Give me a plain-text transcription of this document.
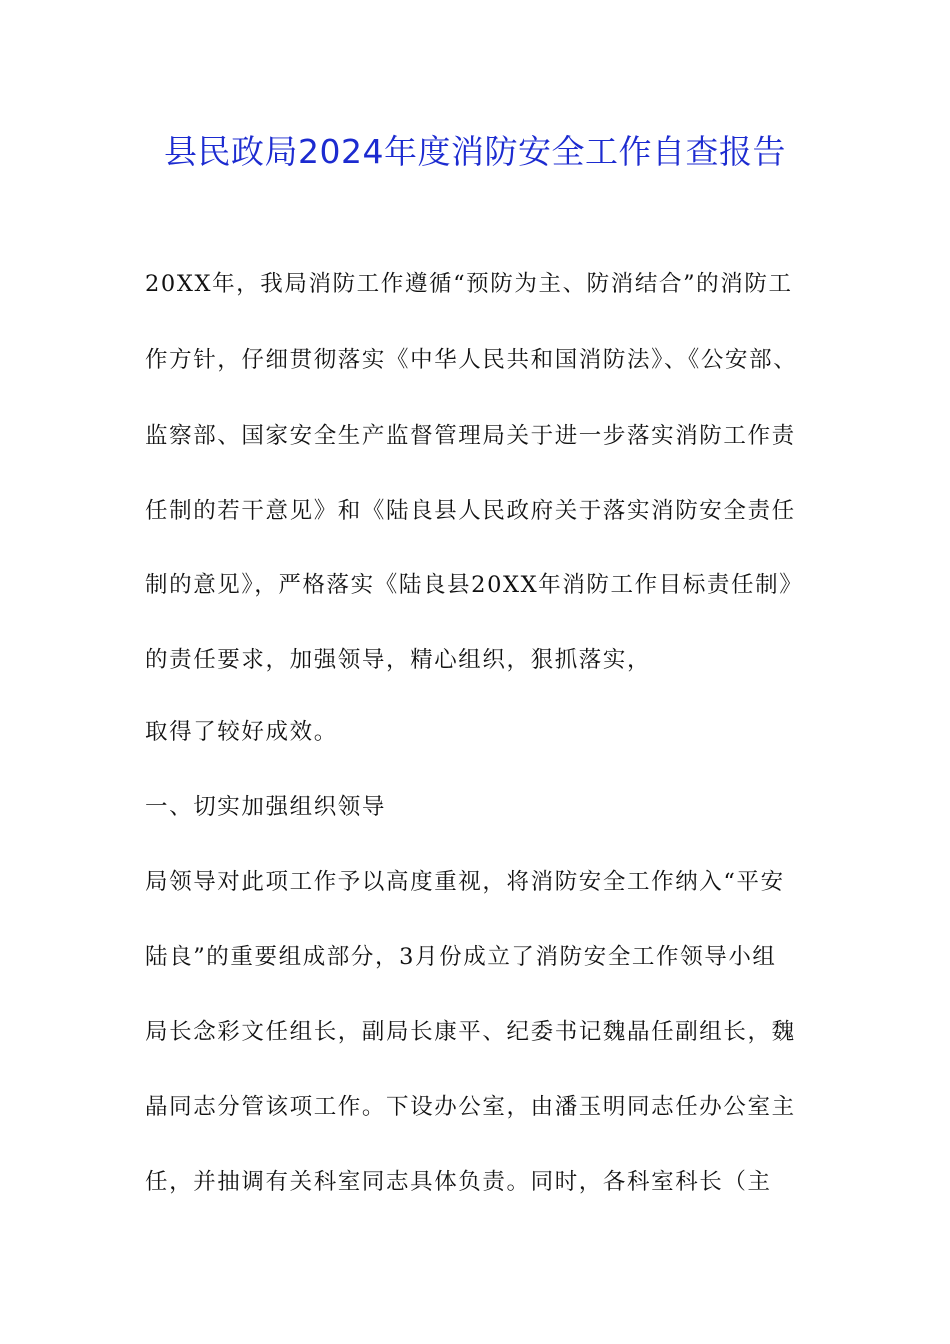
县民政局2024年度消防安全工作自查报告
20XX年，我局消防工作遵循“预防为主、防消结合”的消防工
作方针，仔细贯彻落实《中华人民共和国消防法》、《公安部、
监察部、国家安全生产监督管理局关于进一步落实消防工作责
任制的若干意见》和《陆良县人民政府关于落实消防安全责任
制的意见》，严格落实《陆良县20XX年消防工作目标责任制》
的责任要求，加强领导，精心组织，狠抓落实，
取得了较好成效。
一、切实加强组织领导
局领导对此项工作予以高度重视，将消防安全工作纳入“平安
陆良”的重要组成部分，3月份成立了消防安全工作领导小组
局长念彩文任组长，副局长康平、纪委书记魏晶任副组长，魏
晶同志分管该项工作。下设办公室，由潘玉明同志任办公室主
任，并抽调有关科室同志具体负责。同时，各科室科长（主
